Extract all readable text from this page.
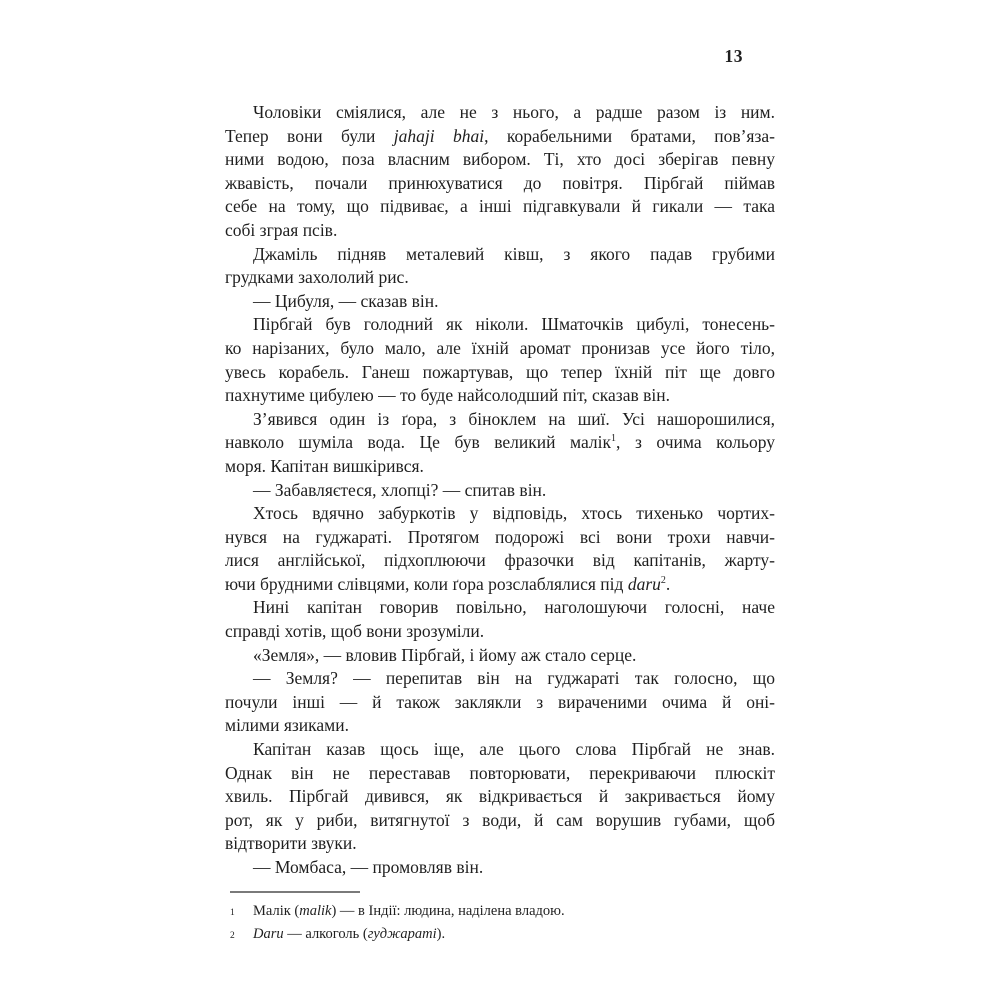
13
Чоловіки сміялися, але не з нього, а радше разом із ним.
Тепер вони були jahaji bhai, корабельними братами, пов’яза-
ними водою, поза власним вибором. Ті, хто досі зберігав певну
жвавість, почали принюхуватися до повітря. Пірбгай піймав
себе на тому, що підвиває, а інші підгавкували й гикали — така
собі зграя псів.
Джаміль підняв металевий ківш, з якого падав грубими
грудками захололий рис.
— Цибуля, — сказав він.
Пірбгай був голодний як ніколи. Шматочків цибулі, тонесень-
ко нарізаних, було мало, але їхній аромат пронизав усе його тіло,
увесь корабель. Ганеш пожартував, що тепер їхній піт ще довго
пахнутиме цибулею — то буде найсолодший піт, сказав він.
З’явився один із ґора, з біноклем на шиї. Усі нашорошилися,
навколо шуміла вода. Це був великий малік$^1$, з очима кольору
моря. Капітан вишкірився.
— Забавляєтеся, хлопці? — спитав він.
Хтось вдячно забуркотів у відповідь, хтось тихенько чортих-
нувся на гуджараті. Протягом подорожі всі вони трохи навчи-
лися англійської, підхоплюючи фразочки від капітанів, жарту-
ючи брудними слівцями, коли ґора розслаблялися під daru$^2$.
Нині капітан говорив повільно, наголошуючи голосні, наче
справді хотів, щоб вони зрозуміли.
«Земля», — вловив Пірбгай, і йому аж стало серце.
— Земля? — перепитав він на гуджараті так голосно, що
почули інші — й також заклякли з вираченими очима й оні-
мілими язиками.
Капітан казав щось іще, але цього слова Пірбгай не знав.
Однак він не переставав повторювати, перекриваючи плюскіт
хвиль. Пірбгай дивився, як відкривається й закривається йому
рот, як у риби, витягнутої з води, й сам ворушив губами, щоб
відтворити звуки.
— Момбаса, — промовляв він.
1 Малік (malik) — в Індії: людина, наділена владою.
2 Daru — алкоголь (гуджараті).
